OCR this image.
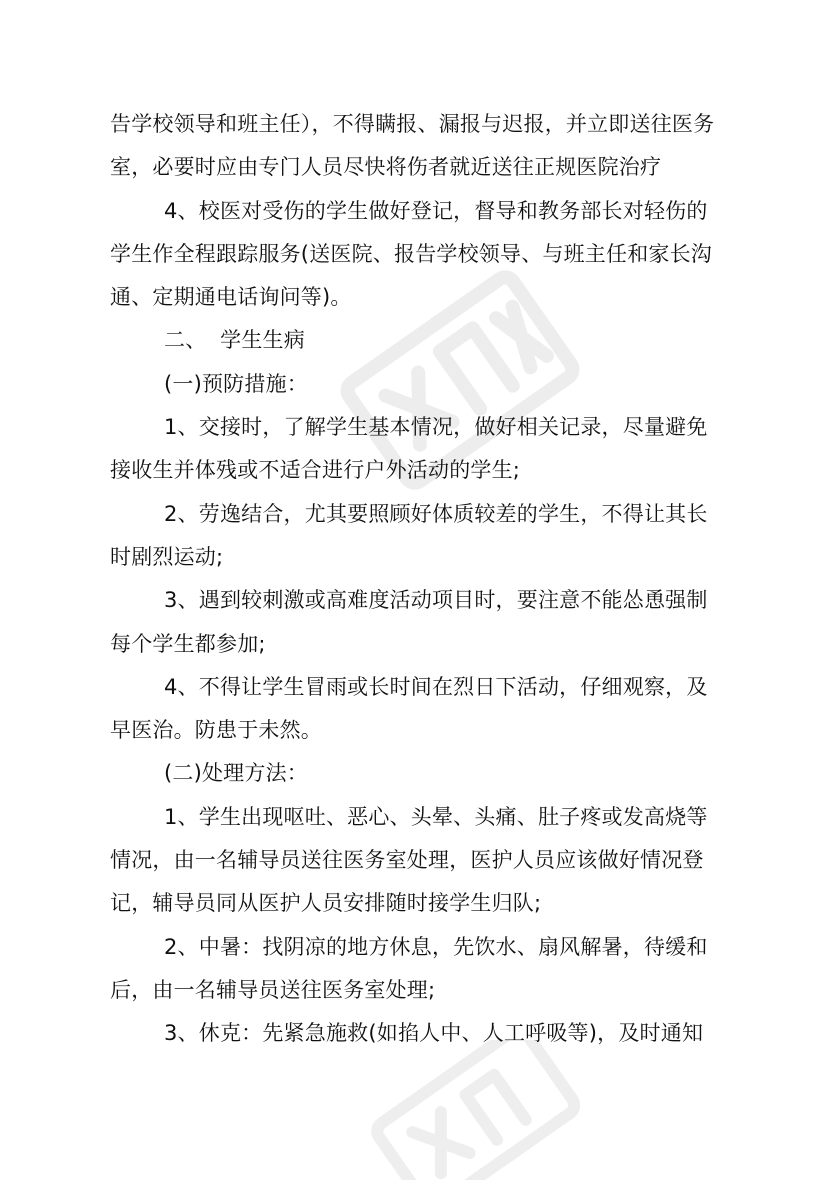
告学校领导和班主任），不得瞒报、漏报与迟报，并立即送往医务室，必要时应由专门人员尽快将伤者就近送往正规医院治疗

4、校医对受伤的学生做好登记，督导和教务部长对轻伤的学生作全程跟踪服务(送医院、报告学校领导、与班主任和家长沟通、定期通电话询问等)。

二、  学生生病

(一)预防措施：

1、交接时，了解学生基本情况，做好相关记录，尽量避免接收生并体残或不适合进行户外活动的学生;

2、劳逸结合，尤其要照顾好体质较差的学生，不得让其长时剧烈运动;

3、遇到较刺激或高难度活动项目时，要注意不能怂恿强制每个学生都参加;

4、不得让学生冒雨或长时间在烈日下活动，仔细观察，及早医治。防患于未然。

(二)处理方法：

1、学生出现呕吐、恶心、头晕、头痛、肚子疼或发高烧等情况，由一名辅导员送往医务室处理，医护人员应该做好情况登记，辅导员同从医护人员安排随时接学生归队;

2、中暑：找阴凉的地方休息，先饮水、扇风解暑，待缓和后，由一名辅导员送往医务室处理;

3、休克：先紧急施救(如掐人中、人工呼吸等)，及时通知
